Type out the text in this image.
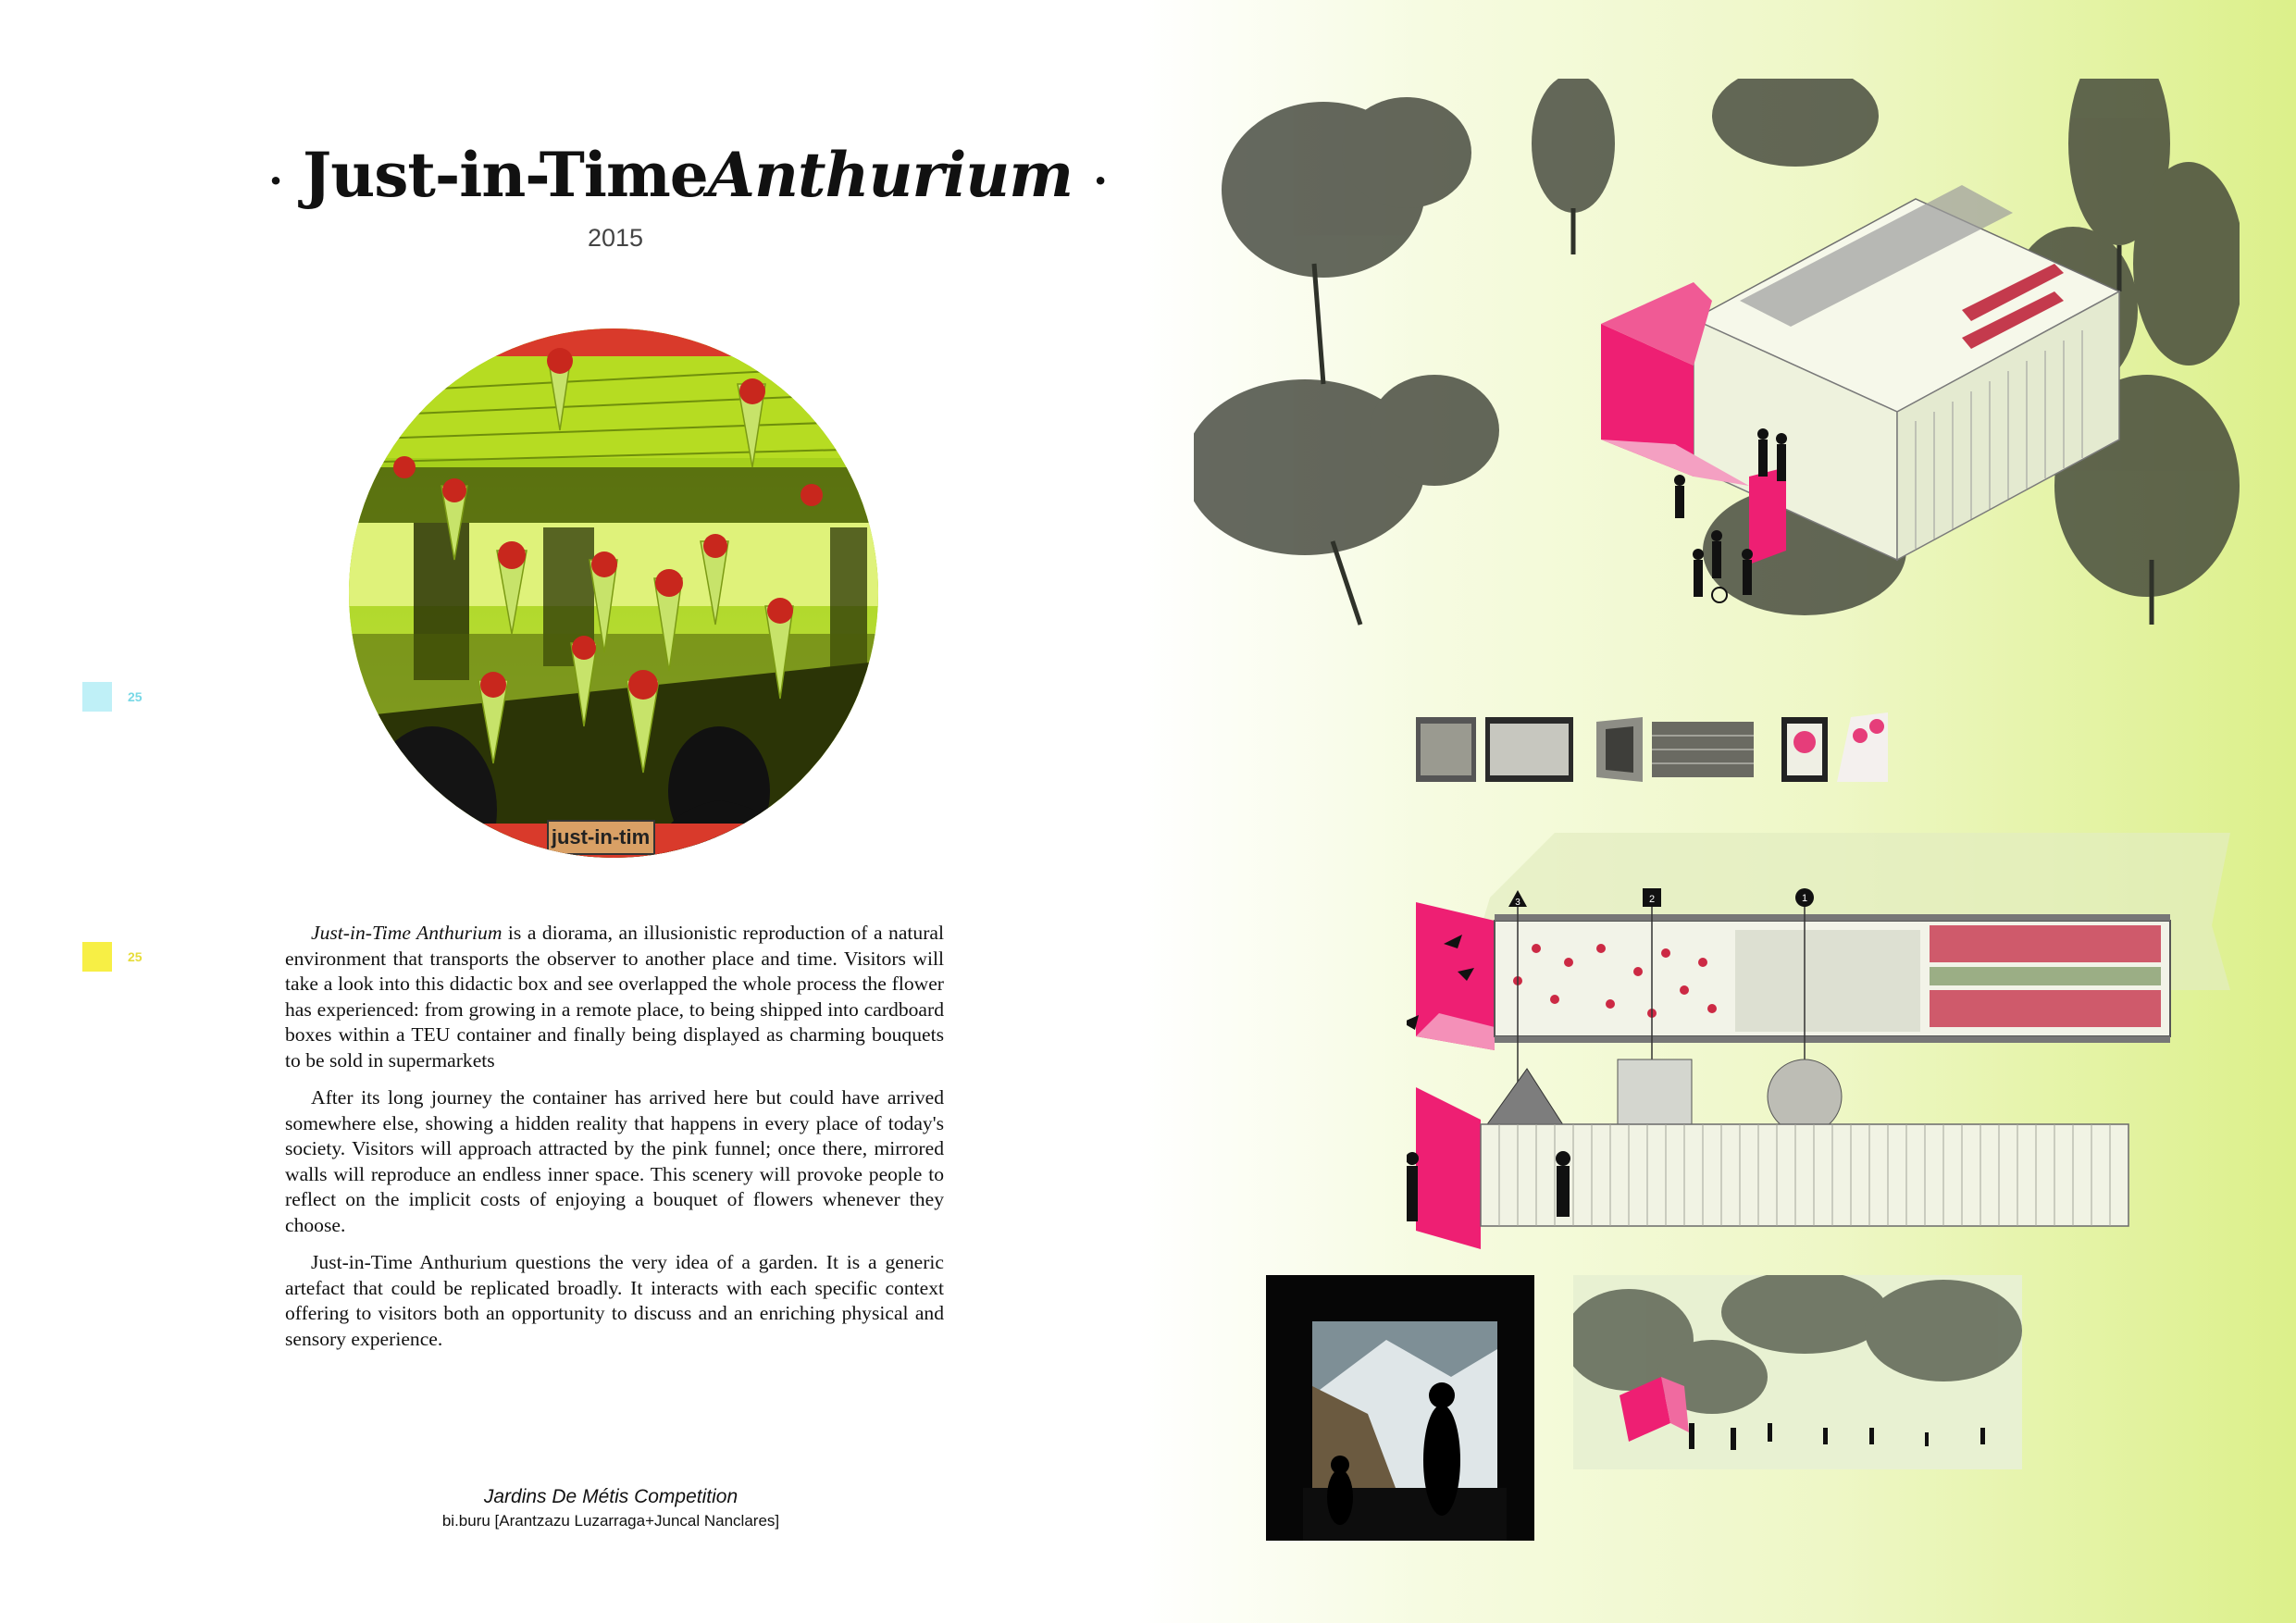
· Just-in-TimeAnthurium ·
2015
just-in-tim
25
25

Just-in-Time Anthurium is a diorama, an illusionistic reproduction of a natural environment that transports the observer to another place and time. Visitors will take a look into this didactic box and see overlapped the whole process the flower has experienced: from growing in a remote place, to being shipped into cardboard boxes within a TEU container and finally being displayed as charming bouquets to be sold in supermarkets

After its long journey the container has arrived here but could have arrived somewhere else, showing a hidden reality that happens in every place of today's society. Visitors will approach attracted by the pink funnel; once there, mirrored walls will reproduce an endless inner space. This scenery will provoke people to reflect on the implicit costs of enjoying a bouquet of flowers whenever they choose.

Just-in-Time Anthurium questions the very idea of a garden. It is a generic artefact that could be replicated broadly. It interacts with each specific context offering to visitors both an opportunity to discuss and an enriching physical and sensory experience.

Jardins De Métis Competition
bi.buru [Arantzazu Luzarraga+Juncal Nanclares]
3	2	1
